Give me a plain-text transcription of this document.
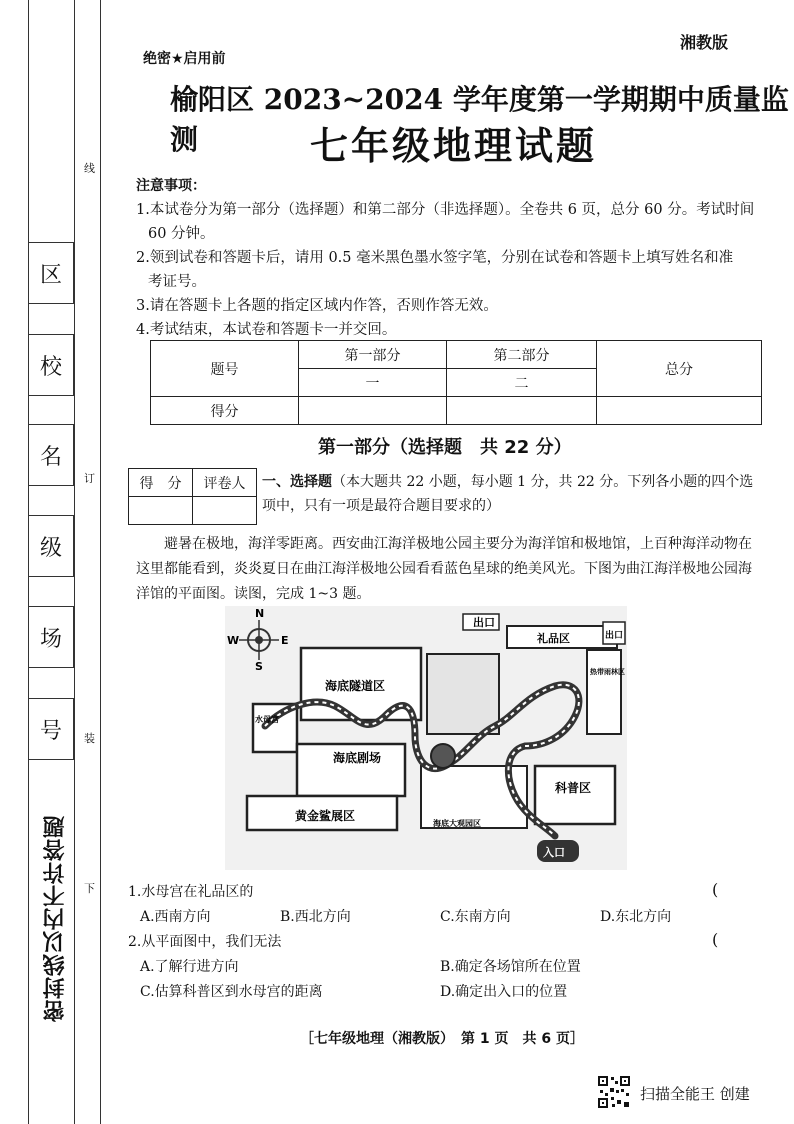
区
校
名
级
场
号
线
订
装
下
密封线以内不许答题
绝密★启用前
湘教版
榆阳区 2023~2024 学年度第一学期期中质量监测	七年级地理试题
注意事项：
1.本试卷分为第一部分（选择题）和第二部分（非选择题）。全卷共 6 页，总分 60 分。考试时间
60 分钟。
2.领到试卷和答题卡后，请用 0.5 毫米黑色墨水签字笔，分别在试卷和答题卡上填写姓名和准
考证号。
3.请在答题卡上各题的指定区域内作答，否则作答无效。
4.考试结束，本试卷和答题卡一并交回。
题号	第一部分	第二部分	总分
	一	二	
得分			
第一部分（选择题　共 22 分）
得　分	评卷人
	一、选择题（本大题共 22 小题，每小题 1 分，共 22 分。下列各小题的四个选项中，只有一项是最符合题目要求的）
避暑在极地，海洋零距离。西安曲江海洋极地公园主要分为海洋馆和极地馆，上百种海洋动物在这里都能看到，炎炎夏日在曲江海洋极地公园看看蓝色星球的绝美风光。下图为曲江海洋极地公园海洋馆的平面图。读图，完成 1~3 题。
N
S
E
W
出口
礼品区	出口
海底隧道区
水母宫
海底剧场
热带雨林区
科普区
海底大观园区
黄金鲨展区
入口
1.水母宫在礼品区的	(
A.西南方向	B.西北方向	C.东南方向	D.东北方向
2.从平面图中，我们无法	(
A.了解行进方向	B.确定各场馆所在位置
C.估算科普区到水母宫的距离	D.确定出入口的位置
［七年级地理（湘教版）　第 1 页　共 6 页］
扫描全能王 创建
